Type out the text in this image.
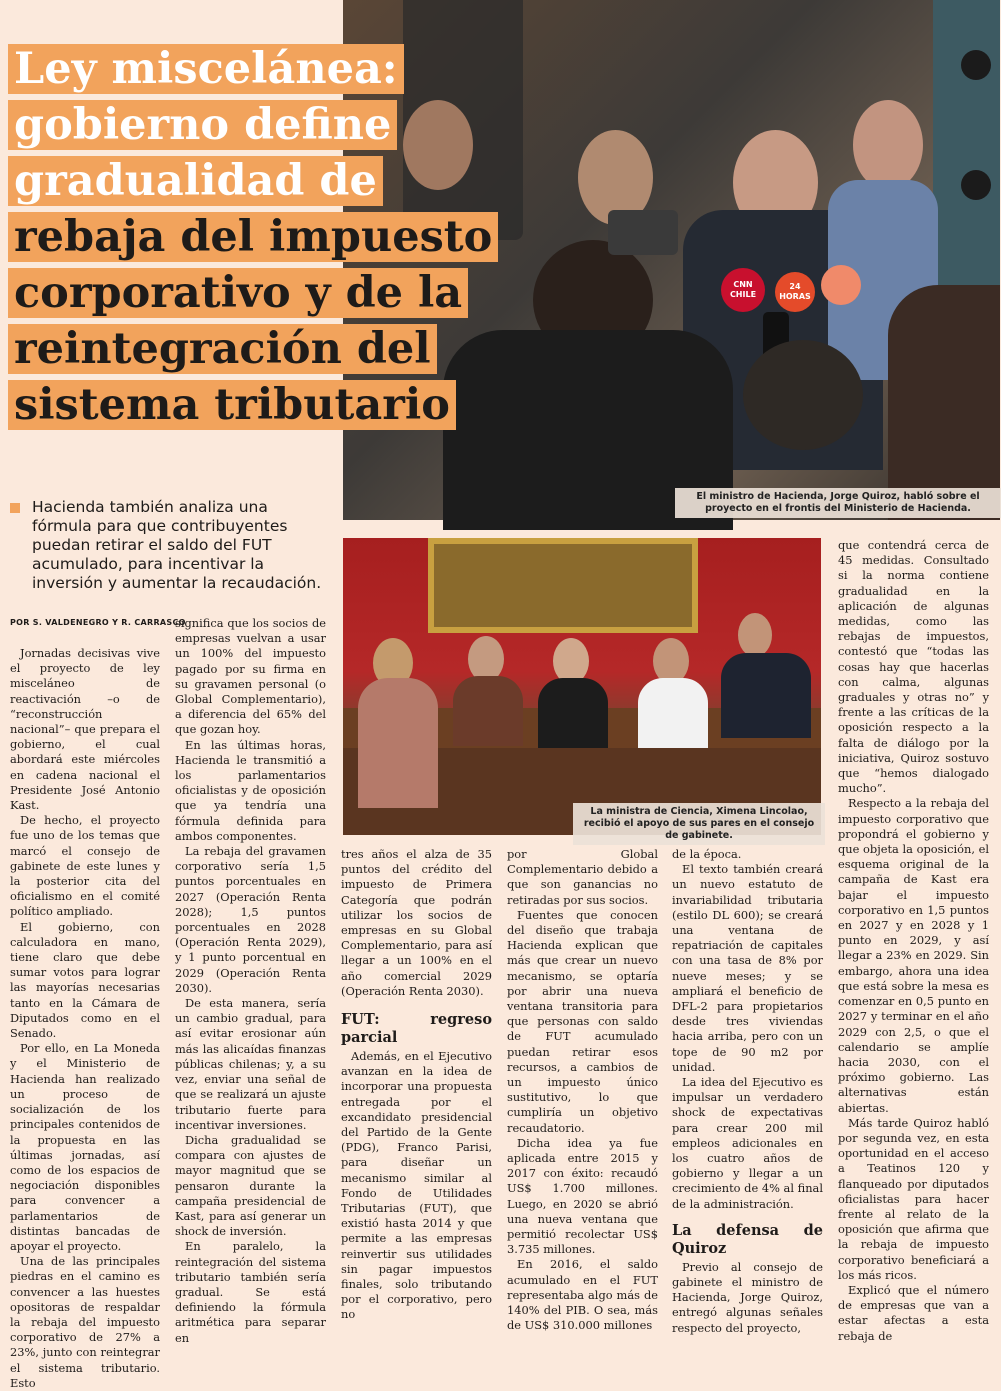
CNN CHILE
24 HORAS
El ministro de Hacienda, Jorge Quiroz, habló sobre el proyecto en el frontis del Ministerio de Hacienda.
Ley miscelánea:
gobierno define
gradualidad de
rebaja del impuesto
corporativo y de la
reintegración del
sistema tributario
Hacienda también analiza una fórmula para que contribuyentes puedan retirar el saldo del FUT acumulado, para incentivar la inversión y aumentar la recaudación.
POR S. VALDENEGRO Y R. CARRASCO
La ministra de Ciencia, Ximena Lincolao, recibió el apoyo de sus pares en el consejo de gabinete.

Jornadas decisivas vive el proyecto de ley misceláneo de reactivación –o de “reconstrucción nacional”– que prepara el gobierno, el cual abordará este miércoles en cadena nacional el Presidente José Antonio Kast.

De hecho, el proyecto fue uno de los temas que marcó el consejo de gabinete de este lunes y la posterior cita del oficialismo en el comité político ampliado.

El gobierno, con calculadora en mano, tiene claro que debe sumar votos para lograr las mayorías necesarias tanto en la Cámara de Diputados como en el Senado.

Por ello, en La Moneda y el Ministerio de Hacienda han realizado un proceso de socialización de los principales contenidos de la propuesta en las últimas jornadas, así como de los espacios de negociación disponibles para convencer a parlamentarios de distintas bancadas de apoyar el proyecto.

Una de las principales piedras en el camino es convencer a las huestes opositoras de respaldar la rebaja del impuesto corporativo de 27% a 23%, junto con reintegrar el sistema tributario. Esto

significa que los socios de empresas vuelvan a usar un 100% del impuesto pagado por su firma en su gravamen personal (o Global Complementario), a diferencia del 65% del que gozan hoy.

En las últimas horas, Hacienda le transmitió a los parlamentarios oficialistas y de oposición que ya tendría una fórmula definida para ambos componentes.

La rebaja del gravamen corporativo sería 1,5 puntos porcentuales en 2027 (Operación Renta 2028); 1,5 puntos porcentuales en 2028 (Operación Renta 2029), y 1 punto porcentual en 2029 (Operación Renta 2030).

De esta manera, sería un cambio gradual, para así evitar erosionar aún más las alicaídas finanzas públicas chilenas; y, a su vez, enviar una señal de que se realizará un ajuste tributario fuerte para incentivar inversiones.

Dicha gradualidad se compara con ajustes de mayor magnitud que se pensaron durante la campaña presidencial de Kast, para así generar un shock de inversión.

En paralelo, la reintegración del sistema tributario también sería gradual. Se está definiendo la fórmula aritmética para separar en

tres años el alza de 35 puntos del crédito del impuesto de Primera Categoría que podrán utilizar los socios de empresas en su Global Complementario, para así llegar a un 100% en el año comercial 2029 (Operación Renta 2030).

FUT: regreso parcial

Además, en el Ejecutivo avanzan en la idea de incorporar una propuesta entregada por el excandidato presidencial del Partido de la Gente (PDG), Franco Parisi, para diseñar un mecanismo similar al Fondo de Utilidades Tributarias (FUT), que existió hasta 2014 y que permite a las empresas reinvertir sus utilidades sin pagar impuestos finales, solo tributando por el corporativo, pero no

por Global Complementario debido a que son ganancias no retiradas por sus socios.

Fuentes que conocen del diseño que trabaja Hacienda explican que más que crear un nuevo mecanismo, se optaría por abrir una nueva ventana transitoria para que personas con saldo de FUT acumulado puedan retirar esos recursos, a cambios de un impuesto único sustitutivo, lo que cumpliría un objetivo recaudatorio.

Dicha idea ya fue aplicada entre 2015 y 2017 con éxito: recaudó US$ 1.700 millones. Luego, en 2020 se abrió una nueva ventana que permitió recolectar US$ 3.735 millones.

En 2016, el saldo acumulado en el FUT representaba algo más de 140% del PIB. O sea, más de US$ 310.000 millones

de la época.

El texto también creará un nuevo estatuto de invariabilidad tributaria (estilo DL 600); se creará una ventana de repatriación de capitales con una tasa de 8% por nueve meses; y se ampliará el beneficio de DFL-2 para propietarios desde tres viviendas hacia arriba, pero con un tope de 90 m2 por unidad.

La idea del Ejecutivo es impulsar un verdadero shock de expectativas para crear 200 mil empleos adicionales en los cuatro años de gobierno y llegar a un crecimiento de 4% al final de la administración.

La defensa de Quiroz

Previo al consejo de gabinete el ministro de Hacienda, Jorge Quiroz, entregó algunas señales respecto del proyecto,

que contendrá cerca de 45 medidas. Consultado si la norma contiene gradualidad en la aplicación de algunas medidas, como las rebajas de impuestos, contestó que “todas las cosas hay que hacerlas con calma, algunas graduales y otras no” y frente a las críticas de la oposición respecto a la falta de diálogo por la iniciativa, Quiroz sostuvo que “hemos dialogado mucho”.

Respecto a la rebaja del impuesto corporativo que propondrá el gobierno y que objeta la oposición, el esquema original de la campaña de Kast era bajar el impuesto corporativo en 1,5 puntos en 2027 y en 2028 y 1 punto en 2029, y así llegar a 23% en 2029. Sin embargo, ahora una idea que está sobre la mesa es comenzar en 0,5 punto en 2027 y terminar en el año 2029 con 2,5, o que el calendario se amplíe hacia 2030, con el próximo gobierno. Las alternativas están abiertas.

Más tarde Quiroz habló por segunda vez, en esta oportunidad en el acceso a Teatinos 120 y flanqueado por diputados oficialistas para hacer frente al relato de la oposición que afirma que la rebaja de impuesto corporativo beneficiará a los más ricos.

Explicó que el número de empresas que van a estar afectas a esta rebaja de
